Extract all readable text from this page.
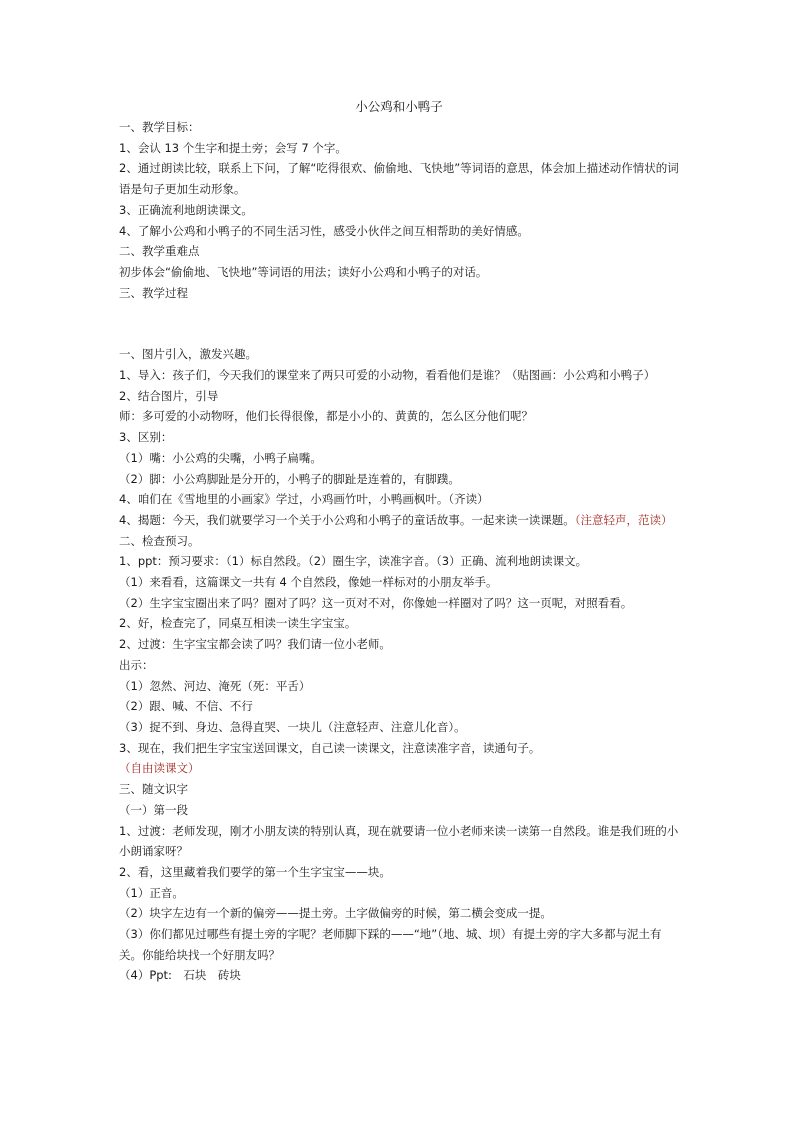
小公鸡和小鸭子

一、教学目标：

1、会认 13 个生字和提土旁；会写 7 个字。

2、通过朗读比较，联系上下问，了解“吃得很欢、偷偷地、飞快地”等词语的意思，体会加上描述动作情状的词语是句子更加生动形象。

3、正确流利地朗读课文。

4、了解小公鸡和小鸭子的不同生活习性，感受小伙伴之间互相帮助的美好情感。

二、教学重难点

初步体会“偷偷地、飞快地”等词语的用法；读好小公鸡和小鸭子的对话。

三、教学过程

一、图片引入，激发兴趣。

1、导入：孩子们，今天我们的课堂来了两只可爱的小动物，看看他们是谁？（贴图画：小公鸡和小鸭子）

2、结合图片，引导

师：多可爱的小动物呀，他们长得很像，都是小小的、黄黄的，怎么区分他们呢？

3、区别：

（1）嘴：小公鸡的尖嘴，小鸭子扁嘴。

（2）脚：小公鸡脚趾是分开的，小鸭子的脚趾是连着的，有脚蹼。

4、咱们在《雪地里的小画家》学过，小鸡画竹叶，小鸭画枫叶。（齐读）

4、揭题：今天，我们就要学习一个关于小公鸡和小鸭子的童话故事。一起来读一读课题。（注意轻声，范读）

二、检查预习。

1、ppt：预习要求：（1）标自然段。（2）圈生字，读准字音。（3）正确、流利地朗读课文。

（1）来看看，这篇课文一共有 4 个自然段，像她一样标对的小朋友举手。

（2）生字宝宝圈出来了吗？圈对了吗？这一页对不对，你像她一样圈对了吗？这一页呢，对照看看。

2、好，检查完了，同桌互相读一读生字宝宝。

2、过渡：生字宝宝都会读了吗？我们请一位小老师。

出示：

（1）忽然、河边、淹死（死：平舌）

（2）跟、喊、不信、不行

（3）捉不到、身边、急得直哭、一块儿（注意轻声、注意儿化音）。

3、现在，我们把生字宝宝送回课文，自己读一读课文，注意读准字音，读通句子。

（自由读课文）

三、随文识字

（一）第一段

1、过渡：老师发现，刚才小朋友读的特别认真，现在就要请一位小老师来读一读第一自然段。谁是我们班的小小朗诵家呀？

2、看，这里藏着我们要学的第一个生字宝宝——块。

（1）正音。

（2）块字左边有一个新的偏旁——提土旁。土字做偏旁的时候，第二横会变成一提。

（3）你们都见过哪些有提土旁的字呢？老师脚下踩的——“地”（地、城、坝）有提土旁的字大多都与泥土有关。你能给块找一个好朋友吗？

（4）Ppt:　石块　砖块
